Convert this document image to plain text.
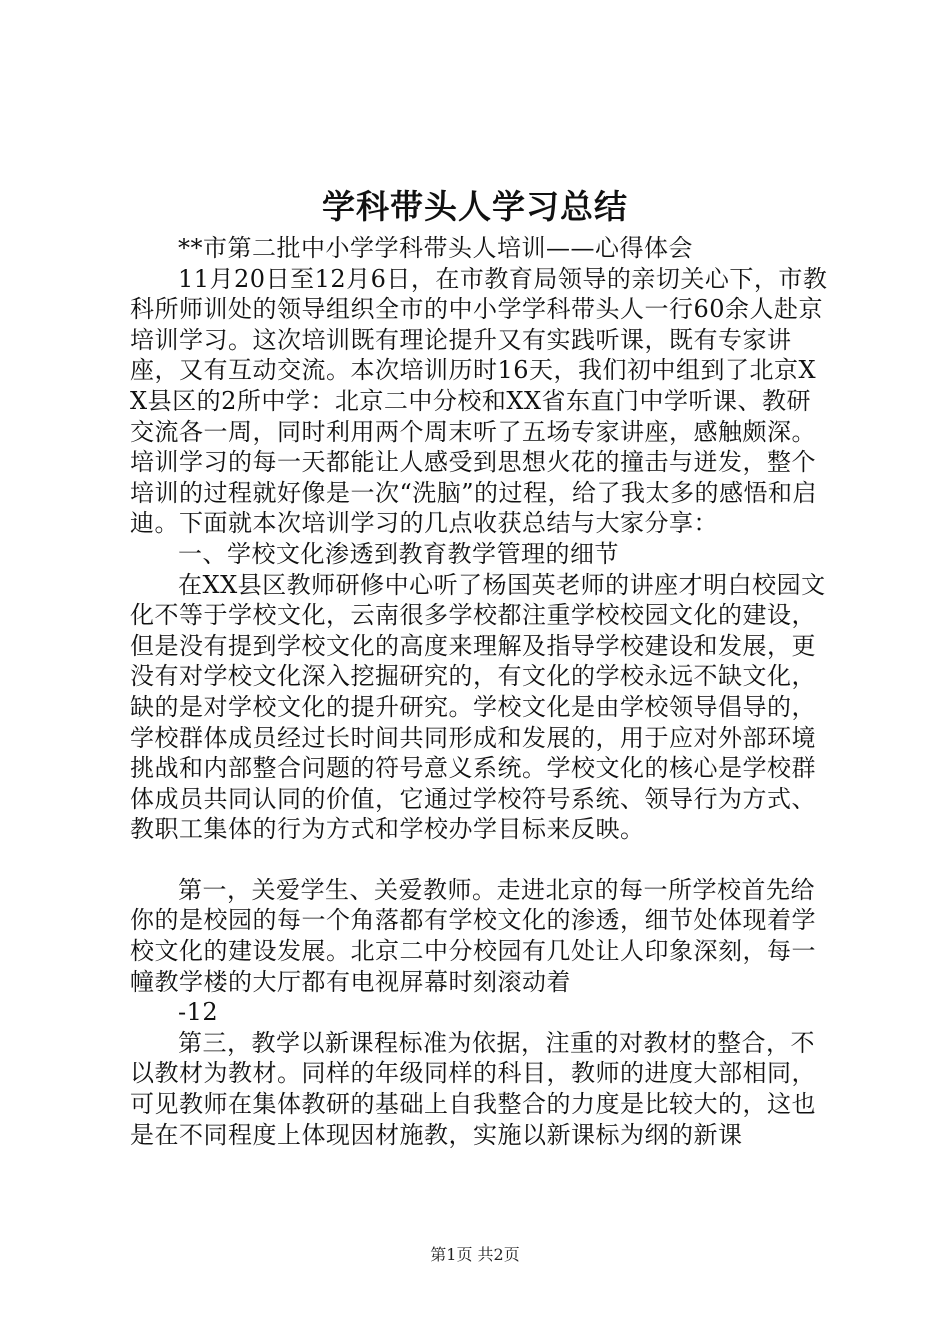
学科带头人学习总结

**市第二批中小学学科带头人培训——心得体会

11月20日至12月6日，在市教育局领导的亲切关心下，市教科所师训处的领导组织全市的中小学学科带头人一行60余人赴京培训学习。这次培训既有理论提升又有实践听课，既有专家讲座，又有互动交流。本次培训历时16天，我们初中组到了北京XX县区的2所中学：北京二中分校和XX省东直门中学听课、教研交流各一周，同时利用两个周末听了五场专家讲座，感触颇深。培训学习的每一天都能让人感受到思想火花的撞击与迸发，整个培训的过程就好像是一次“洗脑”的过程，给了我太多的感悟和启迪。下面就本次培训学习的几点收获总结与大家分享：

一、学校文化渗透到教育教学管理的细节

在XX县区教师研修中心听了杨国英老师的讲座才明白校园文化不等于学校文化，云南很多学校都注重学校校园文化的建设，但是没有提到学校文化的高度来理解及指导学校建设和发展，更没有对学校文化深入挖掘研究的，有文化的学校永远不缺文化，缺的是对学校文化的提升研究。学校文化是由学校领导倡导的，学校群体成员经过长时间共同形成和发展的，用于应对外部环境挑战和内部整合问题的符号意义系统。学校文化的核心是学校群体成员共同认同的价值，它通过学校符号系统、领导行为方式、教职工集体的行为方式和学校办学目标来反映。

第一，关爱学生、关爱教师。走进北京的每一所学校首先给你的是校园的每一个角落都有学校文化的渗透，细节处体现着学校文化的建设发展。北京二中分校园有几处让人印象深刻，每一幢教学楼的大厅都有电视屏幕时刻滚动着

-12

第三，教学以新课程标准为依据，注重的对教材的整合，不以教材为教材。同样的年级同样的科目，教师的进度大部相同，可见教师在集体教研的基础上自我整合的力度是比较大的，这也是在不同程度上体现因材施教，实施以新课标为纲的新课

第1页 共2页
